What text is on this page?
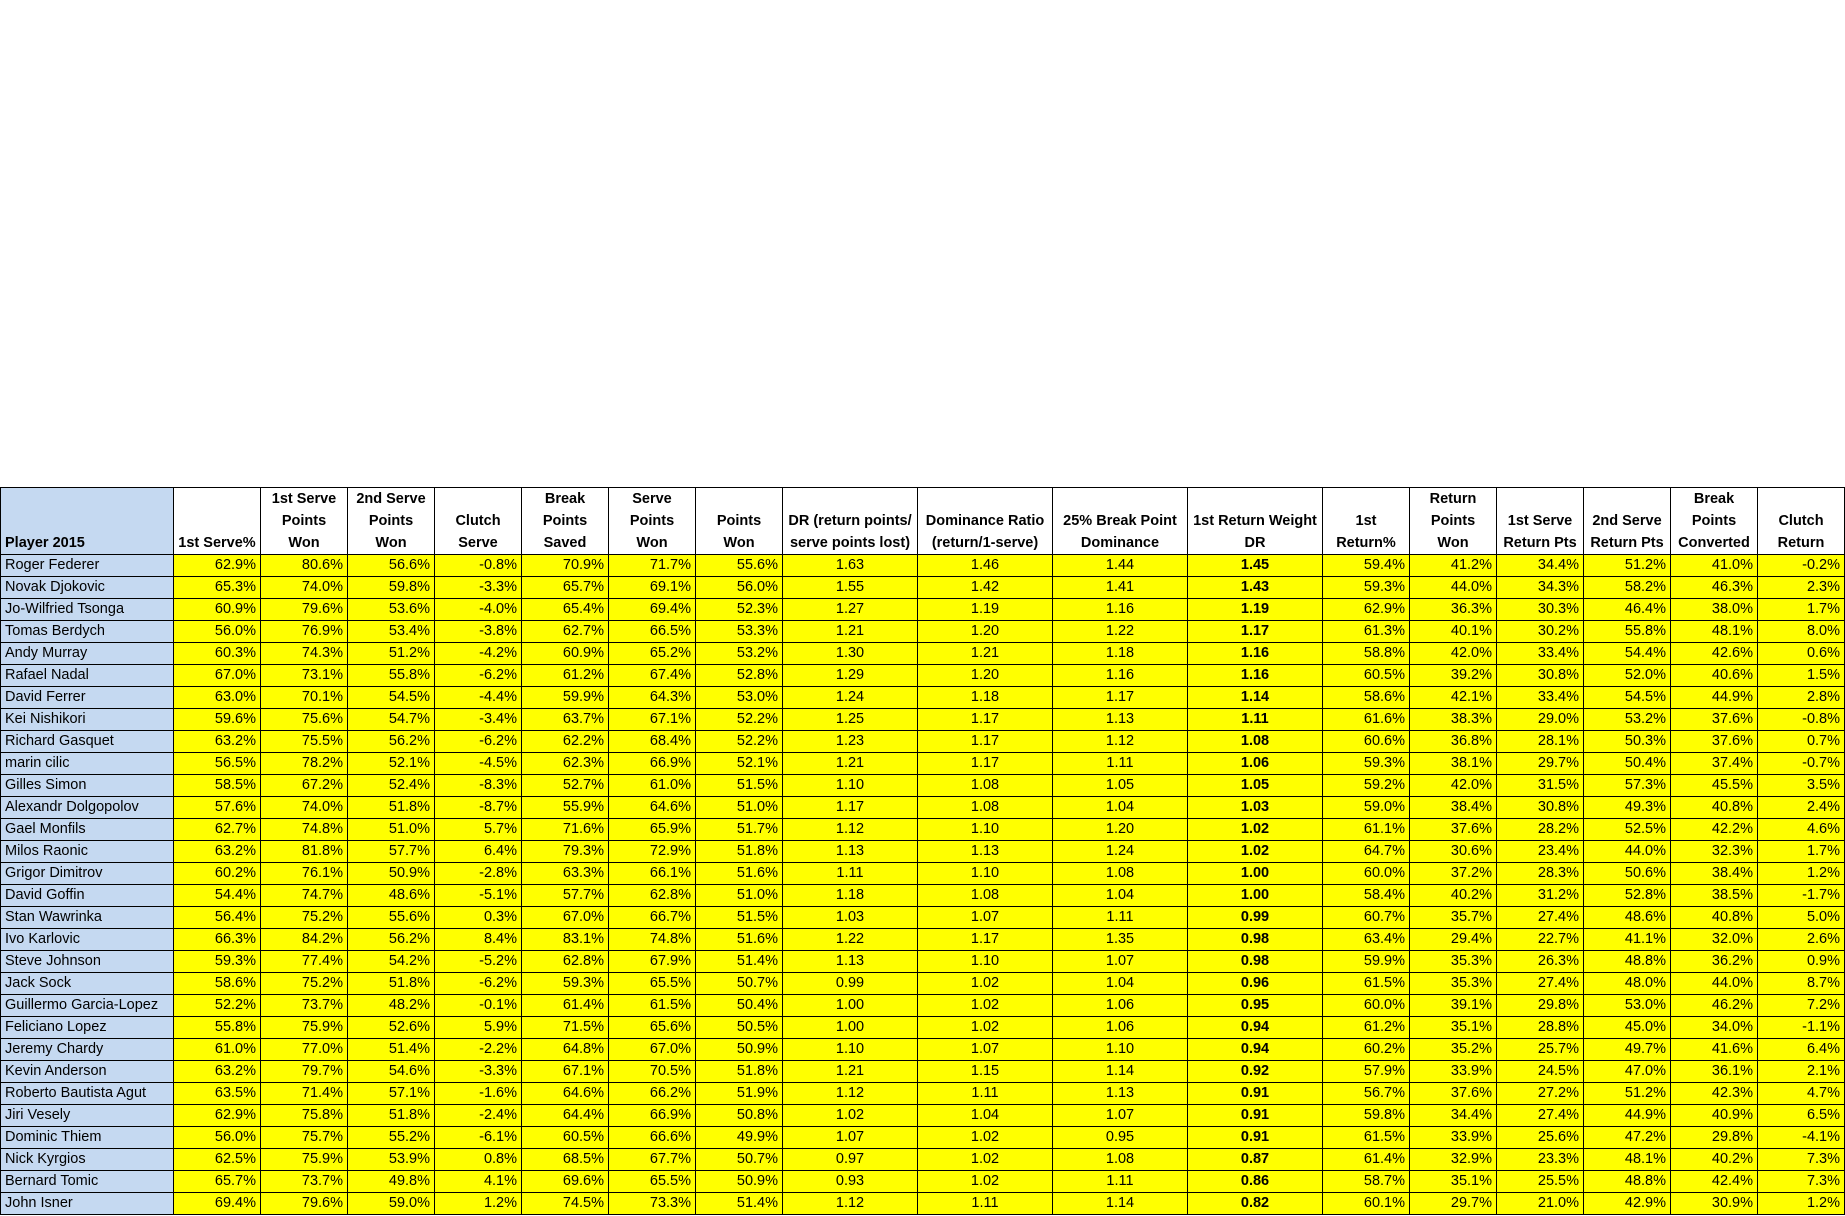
Player 2015	1st Serve%	1st Serve Points Won	2nd Serve Points Won	Clutch Serve	Break Points Saved	Serve Points Won	Points Won	DR (return points/ serve points lost)	Dominance Ratio (return/1-serve)	25% Break Point Dominance	1st Return Weight DR	1st Return%	Return Points Won	1st Serve Return Pts	2nd Serve Return Pts	Break Points Converted	Clutch Return
Roger Federer	62.9%	80.6%	56.6%	-0.8%	70.9%	71.7%	55.6%	1.63	1.46	1.44	1.45	59.4%	41.2%	34.4%	51.2%	41.0%	-0.2%
Novak Djokovic	65.3%	74.0%	59.8%	-3.3%	65.7%	69.1%	56.0%	1.55	1.42	1.41	1.43	59.3%	44.0%	34.3%	58.2%	46.3%	2.3%
Jo-Wilfried Tsonga	60.9%	79.6%	53.6%	-4.0%	65.4%	69.4%	52.3%	1.27	1.19	1.16	1.19	62.9%	36.3%	30.3%	46.4%	38.0%	1.7%
Tomas Berdych	56.0%	76.9%	53.4%	-3.8%	62.7%	66.5%	53.3%	1.21	1.20	1.22	1.17	61.3%	40.1%	30.2%	55.8%	48.1%	8.0%
Andy Murray	60.3%	74.3%	51.2%	-4.2%	60.9%	65.2%	53.2%	1.30	1.21	1.18	1.16	58.8%	42.0%	33.4%	54.4%	42.6%	0.6%
Rafael Nadal	67.0%	73.1%	55.8%	-6.2%	61.2%	67.4%	52.8%	1.29	1.20	1.16	1.16	60.5%	39.2%	30.8%	52.0%	40.6%	1.5%
David Ferrer	63.0%	70.1%	54.5%	-4.4%	59.9%	64.3%	53.0%	1.24	1.18	1.17	1.14	58.6%	42.1%	33.4%	54.5%	44.9%	2.8%
Kei Nishikori	59.6%	75.6%	54.7%	-3.4%	63.7%	67.1%	52.2%	1.25	1.17	1.13	1.11	61.6%	38.3%	29.0%	53.2%	37.6%	-0.8%
Richard Gasquet	63.2%	75.5%	56.2%	-6.2%	62.2%	68.4%	52.2%	1.23	1.17	1.12	1.08	60.6%	36.8%	28.1%	50.3%	37.6%	0.7%
marin cilic	56.5%	78.2%	52.1%	-4.5%	62.3%	66.9%	52.1%	1.21	1.17	1.11	1.06	59.3%	38.1%	29.7%	50.4%	37.4%	-0.7%
Gilles Simon	58.5%	67.2%	52.4%	-8.3%	52.7%	61.0%	51.5%	1.10	1.08	1.05	1.05	59.2%	42.0%	31.5%	57.3%	45.5%	3.5%
Alexandr Dolgopolov	57.6%	74.0%	51.8%	-8.7%	55.9%	64.6%	51.0%	1.17	1.08	1.04	1.03	59.0%	38.4%	30.8%	49.3%	40.8%	2.4%
Gael Monfils	62.7%	74.8%	51.0%	5.7%	71.6%	65.9%	51.7%	1.12	1.10	1.20	1.02	61.1%	37.6%	28.2%	52.5%	42.2%	4.6%
Milos Raonic	63.2%	81.8%	57.7%	6.4%	79.3%	72.9%	51.8%	1.13	1.13	1.24	1.02	64.7%	30.6%	23.4%	44.0%	32.3%	1.7%
Grigor Dimitrov	60.2%	76.1%	50.9%	-2.8%	63.3%	66.1%	51.6%	1.11	1.10	1.08	1.00	60.0%	37.2%	28.3%	50.6%	38.4%	1.2%
David Goffin	54.4%	74.7%	48.6%	-5.1%	57.7%	62.8%	51.0%	1.18	1.08	1.04	1.00	58.4%	40.2%	31.2%	52.8%	38.5%	-1.7%
Stan Wawrinka	56.4%	75.2%	55.6%	0.3%	67.0%	66.7%	51.5%	1.03	1.07	1.11	0.99	60.7%	35.7%	27.4%	48.6%	40.8%	5.0%
Ivo Karlovic	66.3%	84.2%	56.2%	8.4%	83.1%	74.8%	51.6%	1.22	1.17	1.35	0.98	63.4%	29.4%	22.7%	41.1%	32.0%	2.6%
Steve Johnson	59.3%	77.4%	54.2%	-5.2%	62.8%	67.9%	51.4%	1.13	1.10	1.07	0.98	59.9%	35.3%	26.3%	48.8%	36.2%	0.9%
Jack Sock	58.6%	75.2%	51.8%	-6.2%	59.3%	65.5%	50.7%	0.99	1.02	1.04	0.96	61.5%	35.3%	27.4%	48.0%	44.0%	8.7%
Guillermo Garcia-Lopez	52.2%	73.7%	48.2%	-0.1%	61.4%	61.5%	50.4%	1.00	1.02	1.06	0.95	60.0%	39.1%	29.8%	53.0%	46.2%	7.2%
Feliciano Lopez	55.8%	75.9%	52.6%	5.9%	71.5%	65.6%	50.5%	1.00	1.02	1.06	0.94	61.2%	35.1%	28.8%	45.0%	34.0%	-1.1%
Jeremy Chardy	61.0%	77.0%	51.4%	-2.2%	64.8%	67.0%	50.9%	1.10	1.07	1.10	0.94	60.2%	35.2%	25.7%	49.7%	41.6%	6.4%
Kevin Anderson	63.2%	79.7%	54.6%	-3.3%	67.1%	70.5%	51.8%	1.21	1.15	1.14	0.92	57.9%	33.9%	24.5%	47.0%	36.1%	2.1%
Roberto Bautista Agut	63.5%	71.4%	57.1%	-1.6%	64.6%	66.2%	51.9%	1.12	1.11	1.13	0.91	56.7%	37.6%	27.2%	51.2%	42.3%	4.7%
Jiri Vesely	62.9%	75.8%	51.8%	-2.4%	64.4%	66.9%	50.8%	1.02	1.04	1.07	0.91	59.8%	34.4%	27.4%	44.9%	40.9%	6.5%
Dominic Thiem	56.0%	75.7%	55.2%	-6.1%	60.5%	66.6%	49.9%	1.07	1.02	0.95	0.91	61.5%	33.9%	25.6%	47.2%	29.8%	-4.1%
Nick Kyrgios	62.5%	75.9%	53.9%	0.8%	68.5%	67.7%	50.7%	0.97	1.02	1.08	0.87	61.4%	32.9%	23.3%	48.1%	40.2%	7.3%
Bernard Tomic	65.7%	73.7%	49.8%	4.1%	69.6%	65.5%	50.9%	0.93	1.02	1.11	0.86	58.7%	35.1%	25.5%	48.8%	42.4%	7.3%
John Isner	69.4%	79.6%	59.0%	1.2%	74.5%	73.3%	51.4%	1.12	1.11	1.14	0.82	60.1%	29.7%	21.0%	42.9%	30.9%	1.2%
